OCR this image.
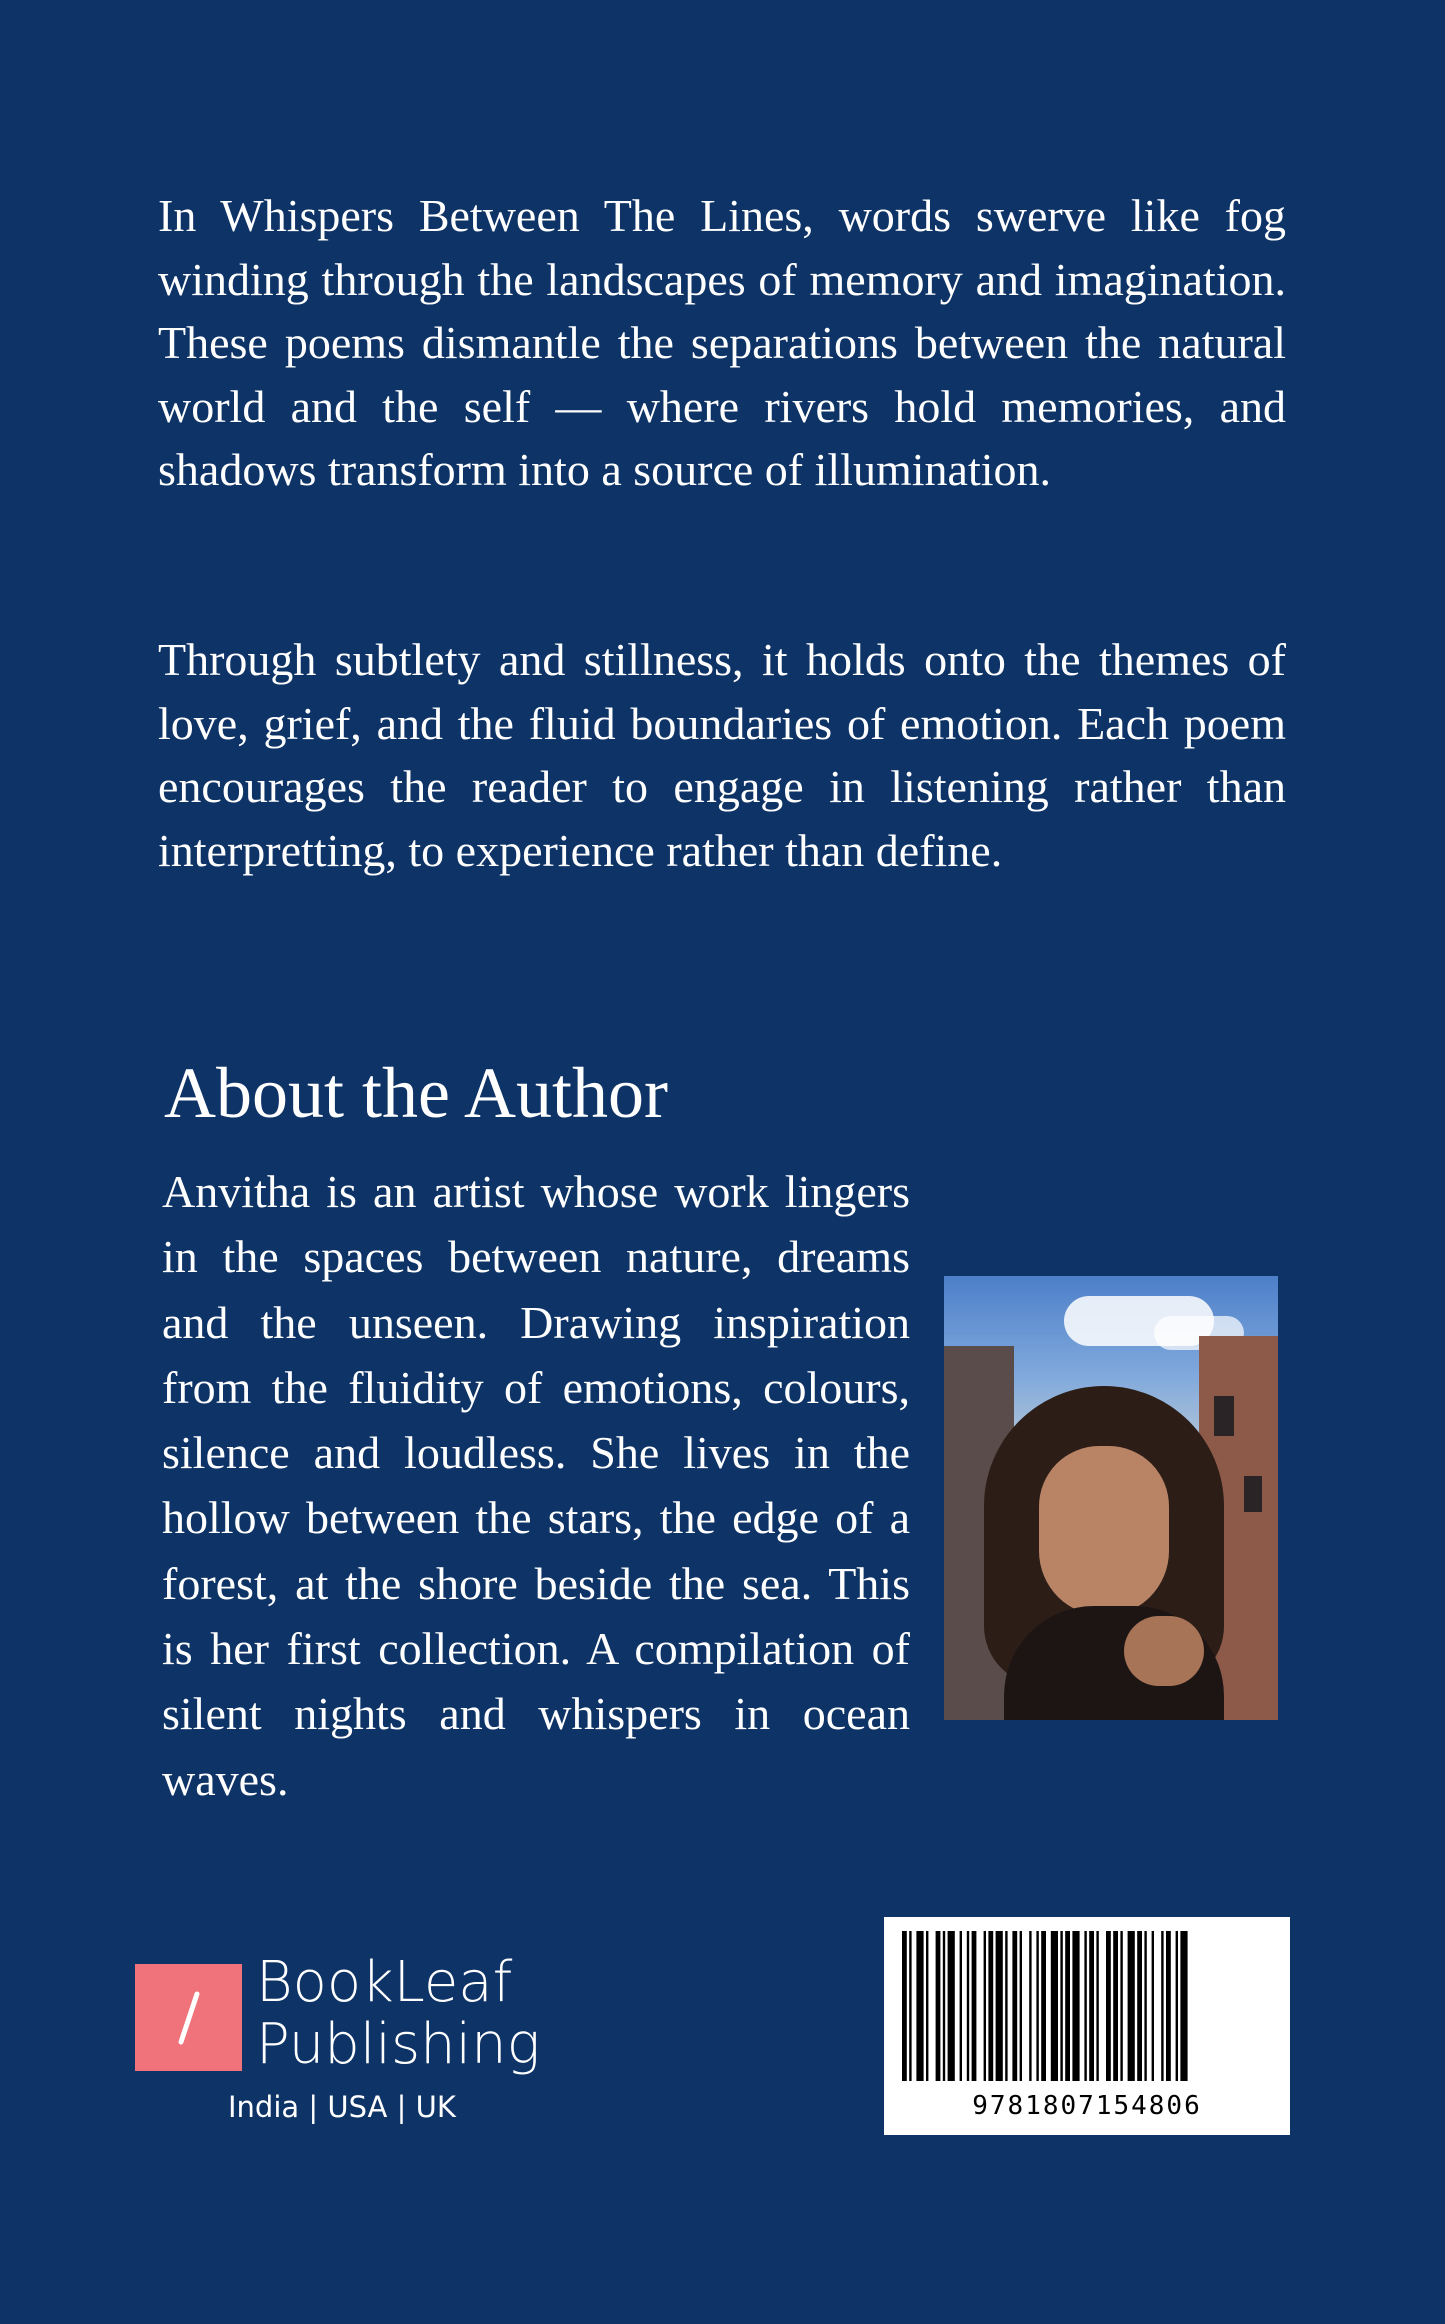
In Whispers Between The Lines, words swerve like fog winding through the landscapes of memory and imagination. These poems dismantle the separations between the natural world and the self — where rivers hold memories, and shadows transform into a source of illumination.

Through subtlety and stillness, it holds onto the themes of love, grief, and the fluid boundaries of emotion. Each poem encourages the reader to engage in listening rather than interpretting, to experience rather than define.

About the Author

Anvitha is an artist whose work lingers in the spaces between nature, dreams and the unseen. Drawing inspiration from the fluidity of emotions, colours, silence and loudless. She lives in the hollow between the stars, the edge of a forest, at the shore beside the sea. This is her first collection. A compilation of silent nights and whispers in ocean waves.

BookLeaf
Publishing
India | USA | UK	9781807154806
